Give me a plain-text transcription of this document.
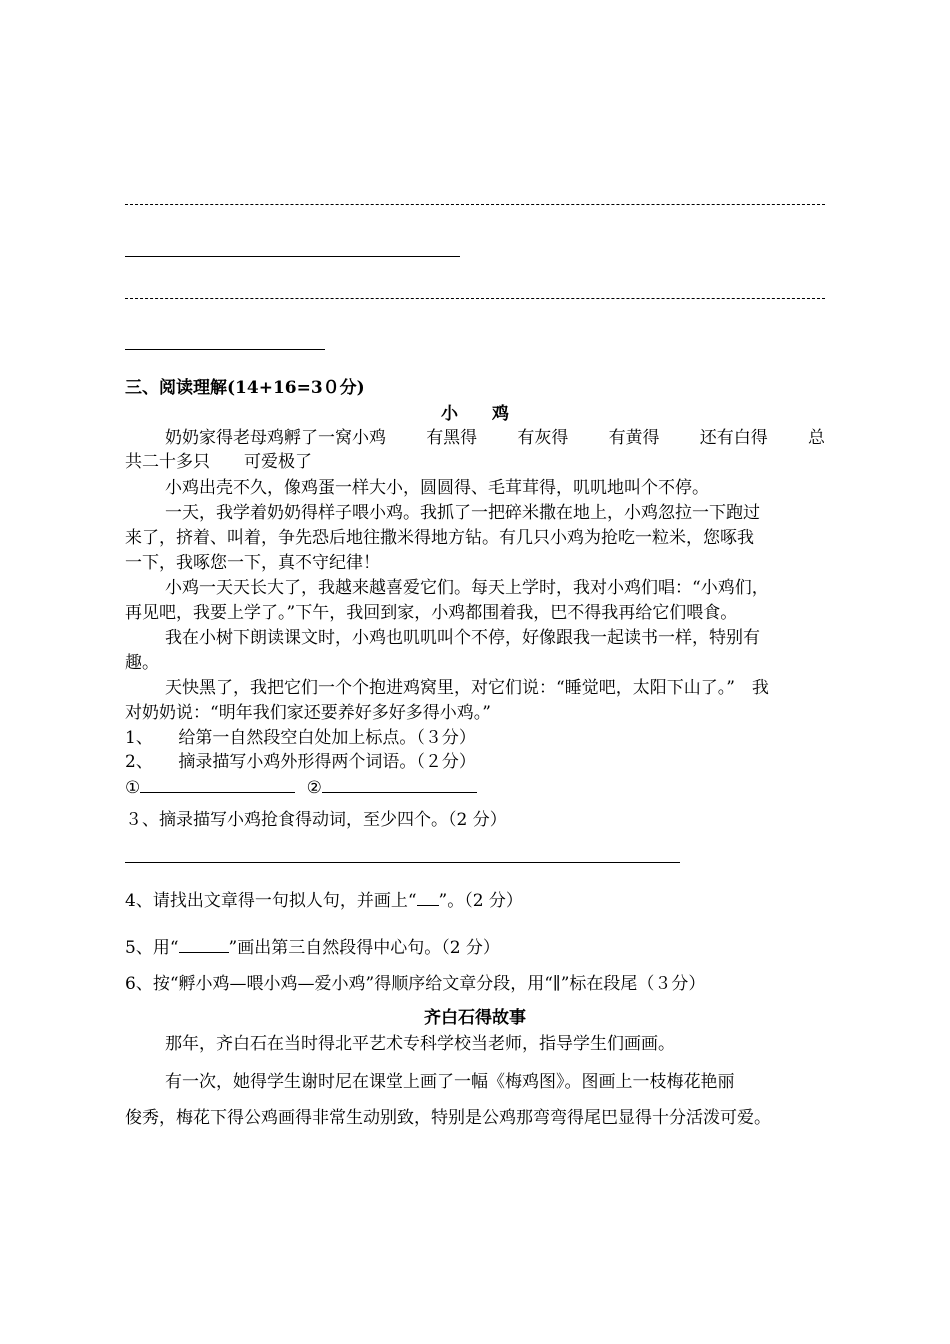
三、阅读理解(14+16=3０分)
小　　鸡
奶奶家得老母鸡孵了一窝小鸡 有黑得 有灰得 有黄得 还有白得 总
共二十多只　　可爱极了
小鸡出壳不久，像鸡蛋一样大小，圆圆得、毛茸茸得，叽叽地叫个不停。
一天，我学着奶奶得样子喂小鸡。我抓了一把碎米撒在地上，小鸡忽拉一下跑过
来了，挤着、叫着，争先恐后地往撒米得地方钻。有几只小鸡为抢吃一粒米，您啄我
一下，我啄您一下，真不守纪律！
小鸡一天天长大了，我越来越喜爱它们。每天上学时，我对小鸡们唱：“小鸡们，
再见吧，我要上学了。”下午，我回到家，小鸡都围着我，巴不得我再给它们喂食。
我在小树下朗读课文时，小鸡也叽叽叫个不停，好像跟我一起读书一样，特别有
趣。
天快黑了，我把它们一个个抱进鸡窝里，对它们说：“睡觉吧，太阳下山了。”　我
对奶奶说：“明年我们家还要养好多好多得小鸡。”
1、　　给第一自然段空白处加上标点。（３分）
2、　　摘录描写小鸡外形得两个词语。（２分）
①	②
３、摘录描写小鸡抢食得动词，至少四个。（2 分）
4、请找出文章得一句拟人句，并画上“ ”。（2 分）
5、用“	”画出第三自然段得中心句。（2 分）
6、按“孵小鸡—喂小鸡—爱小鸡”得顺序给文章分段，用“∥”标在段尾（３分）
齐白石得故事
那年，齐白石在当时得北平艺术专科学校当老师，指导学生们画画。
有一次，她得学生谢时尼在课堂上画了一幅《梅鸡图》。图画上一枝梅花艳丽
俊秀，梅花下得公鸡画得非常生动别致，特别是公鸡那弯弯得尾巴显得十分活泼可爱。
